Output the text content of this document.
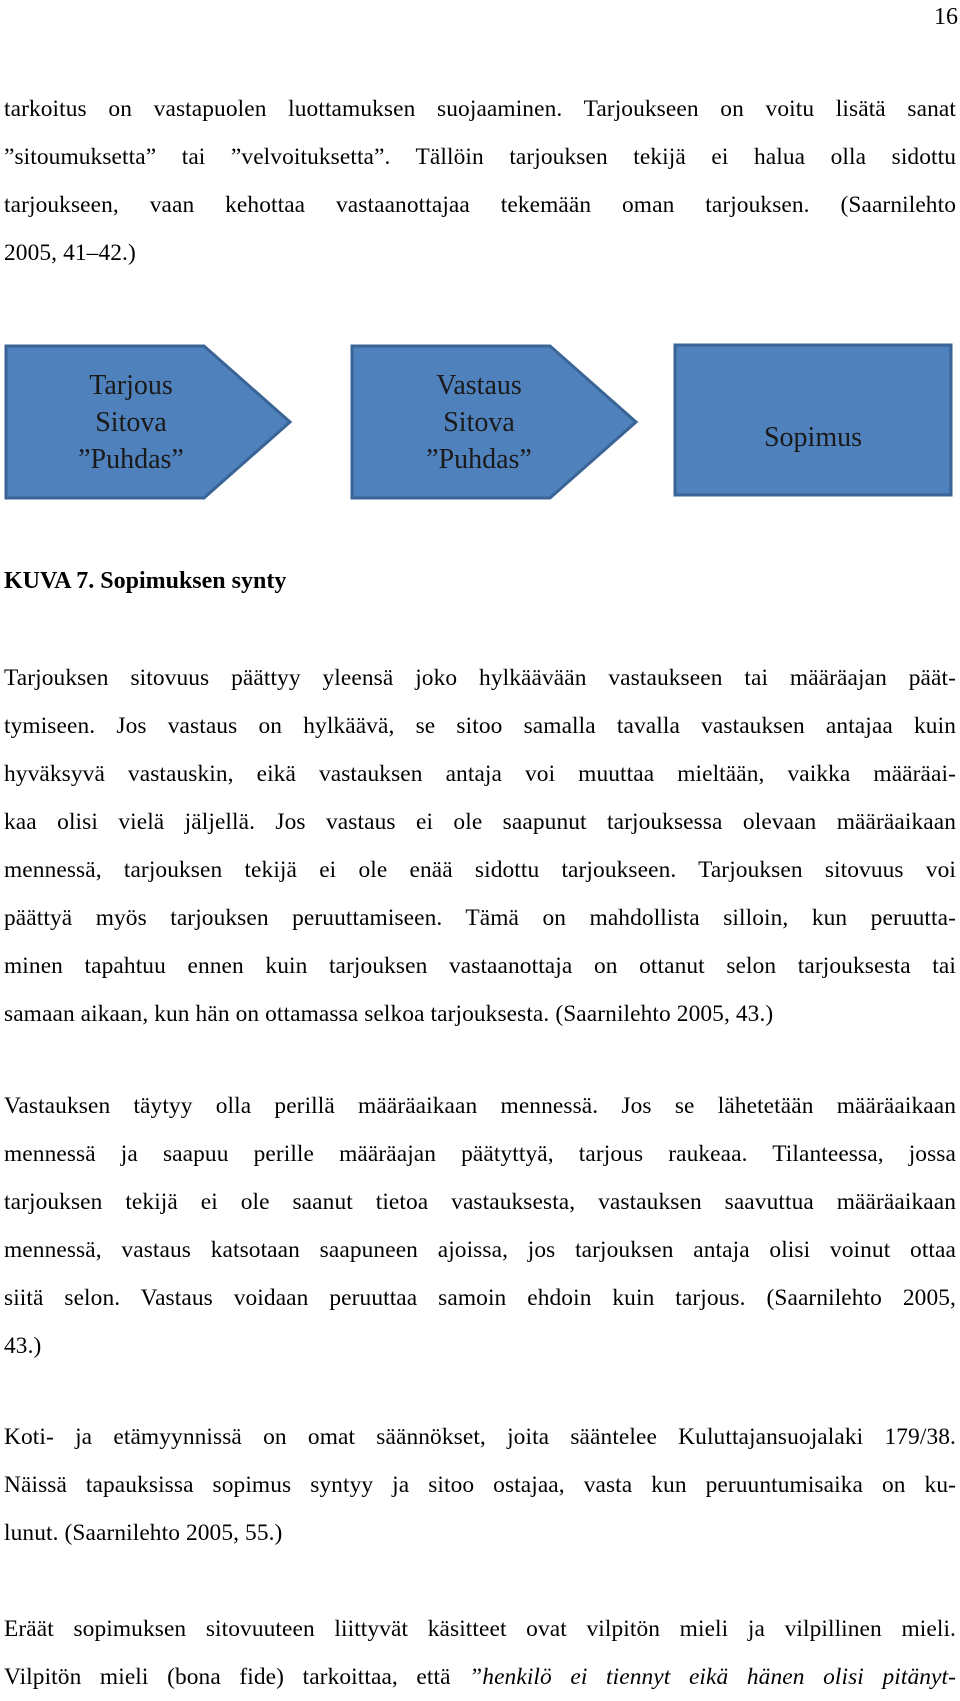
16
tarkoitus on vastapuolen luottamuksen suojaaminen. Tarjoukseen on voitu lisätä sanat
”sitoumuksetta” tai ”velvoituksetta”. Tällöin tarjouksen tekijä ei halua olla sidottu
tarjoukseen, vaan kehottaa vastaanottajaa tekemään oman tarjouksen. (Saarnilehto
2005, 41–42.)
Tarjous
Sitova
”Puhdas”
Vastaus
Sitova
”Puhdas”
Sopimus

KUVA 7. Sopimuksen synty

Tarjouksen sitovuus päättyy yleensä joko hylkäävään vastaukseen tai määräajan päät-
tymiseen. Jos vastaus on hylkäävä, se sitoo samalla tavalla vastauksen antajaa kuin
hyväksyvä vastauskin, eikä vastauksen antaja voi muuttaa mieltään, vaikka määräai-
kaa olisi vielä jäljellä. Jos vastaus ei ole saapunut tarjouksessa olevaan määräaikaan
mennessä, tarjouksen tekijä ei ole enää sidottu tarjoukseen. Tarjouksen sitovuus voi
päättyä myös tarjouksen peruuttamiseen. Tämä on mahdollista silloin, kun peruutta-
minen tapahtuu ennen kuin tarjouksen vastaanottaja on ottanut selon tarjouksesta tai
samaan aikaan, kun hän on ottamassa selkoa tarjouksesta. (Saarnilehto 2005, 43.)
Vastauksen täytyy olla perillä määräaikaan mennessä. Jos se lähetetään määräaikaan
mennessä ja saapuu perille määräajan päätyttyä, tarjous raukeaa. Tilanteessa, jossa
tarjouksen tekijä ei ole saanut tietoa vastauksesta, vastauksen saavuttua määräaikaan
mennessä, vastaus katsotaan saapuneen ajoissa, jos tarjouksen antaja olisi voinut ottaa
siitä selon. Vastaus voidaan peruuttaa samoin ehdoin kuin tarjous. (Saarnilehto 2005,
43.)
Koti- ja etämyynnissä on omat säännökset, joita sääntelee Kuluttajansuojalaki 179/38.
Näissä tapauksissa sopimus syntyy ja sitoo ostajaa, vasta kun peruuntumisaika on ku-
lunut. (Saarnilehto 2005, 55.)
Eräät sopimuksen sitovuuteen liittyvät käsitteet ovat vilpitön mieli ja vilpillinen mieli.
Vilpitön mieli (bona fide) tarkoittaa, että ”henkilö ei tiennyt eikä hänen olisi pitänyt-
